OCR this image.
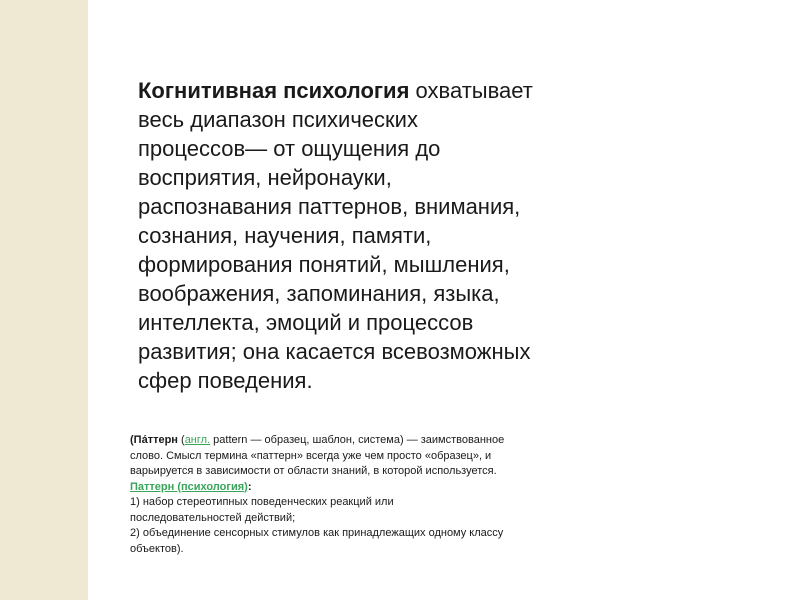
Когнитивная психология охватывает
весь диапазон психических
процессов— от ощущения до
восприятия, нейронауки,
распознавания паттернов, внимания,
сознания, научения, памяти,
формирования понятий, мышления,
воображения, запоминания, языка,
интеллекта, эмоций и процессов
развития; она касается всевозможных
сфер поведения.
(Па́ттерн (англ. pattern — образец, шаблон, система) — заимствованное
слово. Смысл термина «паттерн» всегда уже чем просто «образец», и
варьируется в зависимости от области знаний, в которой используется.
Паттерн (психология):
1) набор стереотипных поведенческих реакций или
последовательностей действий;
2) объединение сенсорных стимулов как принадлежащих одному классу
объектов).
